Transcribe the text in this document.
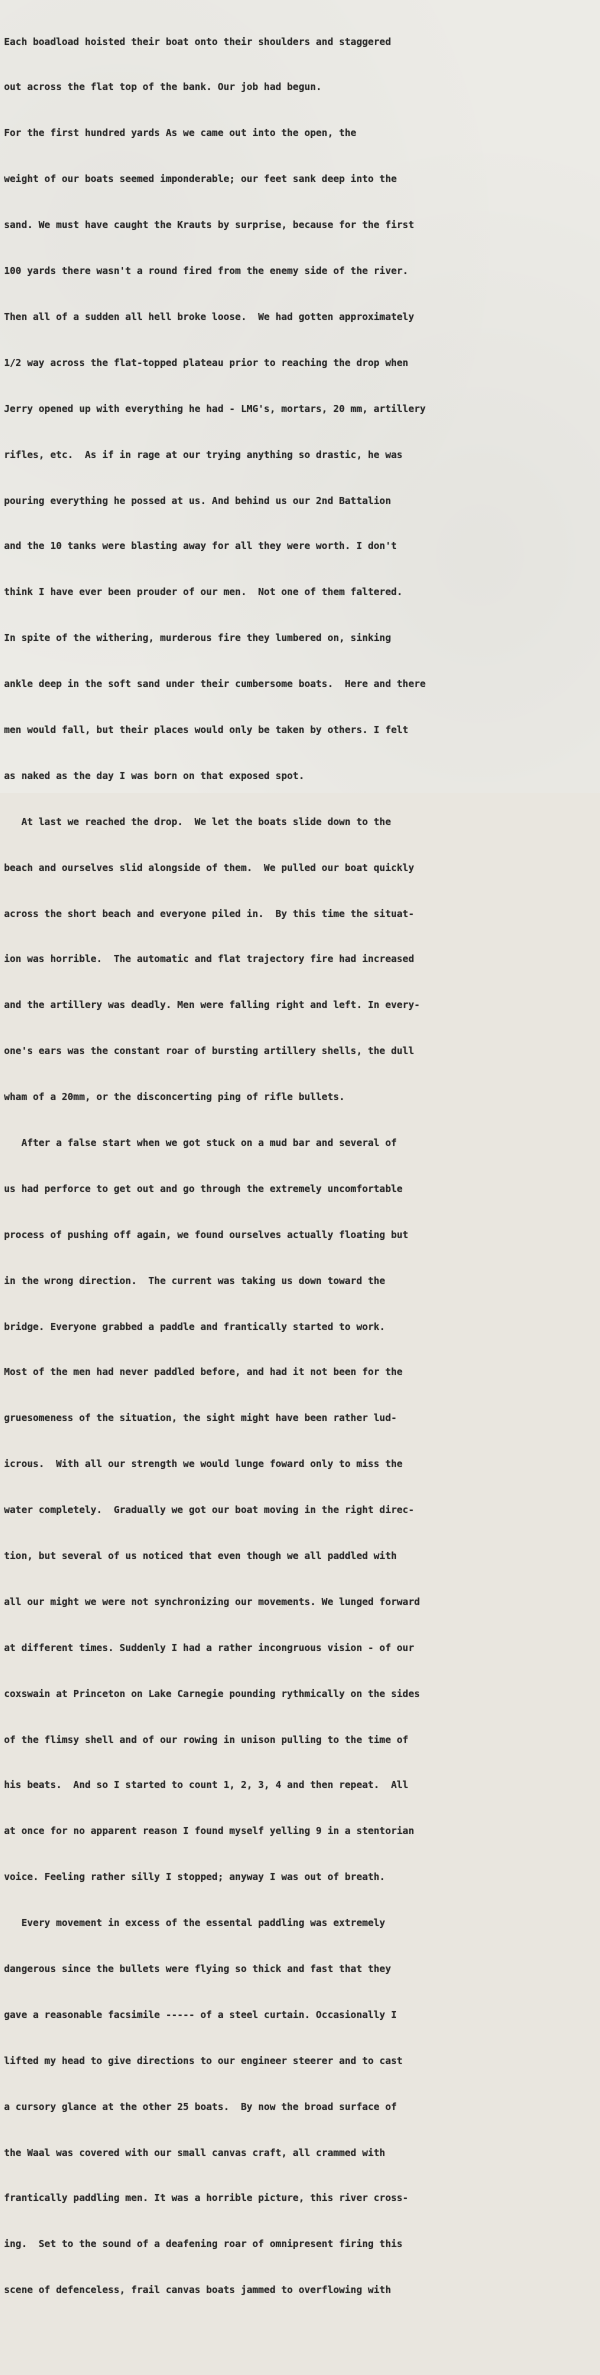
Each boadload hoisted their boat onto their shoulders and staggered

out across the flat top of the bank. Our job had begun.

For the first hundred yards As we came out into the open, the

weight of our boats seemed imponderable; our feet sank deep into the

sand. We must have caught the Krauts by surprise, because for the first

100 yards there wasn't a round fired from the enemy side of the river.

Then all of a sudden all hell broke loose.  We had gotten approximately

1/2 way across the flat-topped plateau prior to reaching the drop when

Jerry opened up with everything he had - LMG's, mortars, 20 mm, artillery

rifles, etc.  As if in rage at our trying anything so drastic, he was

pouring everything he possed at us. And behind us our 2nd Battalion

and the 10 tanks were blasting away for all they were worth. I don't

think I have ever been prouder of our men.  Not one of them faltered.

In spite of the withering, murderous fire they lumbered on, sinking

ankle deep in the soft sand under their cumbersome boats.  Here and there

men would fall, but their places would only be taken by others. I felt

as naked as the day I was born on that exposed spot.

At last we reached the drop.  We let the boats slide down to the

beach and ourselves slid alongside of them.  We pulled our boat quickly

across the short beach and everyone piled in.  By this time the situat-

ion was horrible.  The automatic and flat trajectory fire had increased

and the artillery was deadly. Men were falling right and left. In every-

one's ears was the constant roar of bursting artillery shells, the dull

wham of a 20mm, or the disconcerting ping of rifle bullets.

After a false start when we got stuck on a mud bar and several of

us had perforce to get out and go through the extremely uncomfortable

process of pushing off again, we found ourselves actually floating but

in the wrong direction.  The current was taking us down toward the

bridge. Everyone grabbed a paddle and frantically started to work.

Most of the men had never paddled before, and had it not been for the

gruesomeness of the situation, the sight might have been rather lud-

icrous.  With all our strength we would lunge foward only to miss the

water completely.  Gradually we got our boat moving in the right direc-

tion, but several of us noticed that even though we all paddled with

all our might we were not synchronizing our movements. We lunged forward

at different times. Suddenly I had a rather incongruous vision - of our

coxswain at Princeton on Lake Carnegie pounding rythmically on the sides

of the flimsy shell and of our rowing in unison pulling to the time of

his beats.  And so I started to count 1, 2, 3, 4 and then repeat.  All

at once for no apparent reason I found myself yelling 9 in a stentorian

voice. Feeling rather silly I stopped; anyway I was out of breath.

Every movement in excess of the essental paddling was extremely

dangerous since the bullets were flying so thick and fast that they

gave a reasonable facsimile ----- of a steel curtain. Occasionally I

lifted my head to give directions to our engineer steerer and to cast

a cursory glance at the other 25 boats.  By now the broad surface of

the Waal was covered with our small canvas craft, all crammed with

frantically paddling men. It was a horrible picture, this river cross-

ing.  Set to the sound of a deafening roar of omnipresent firing this

scene of defenceless, frail canvas boats jammed to overflowing with
